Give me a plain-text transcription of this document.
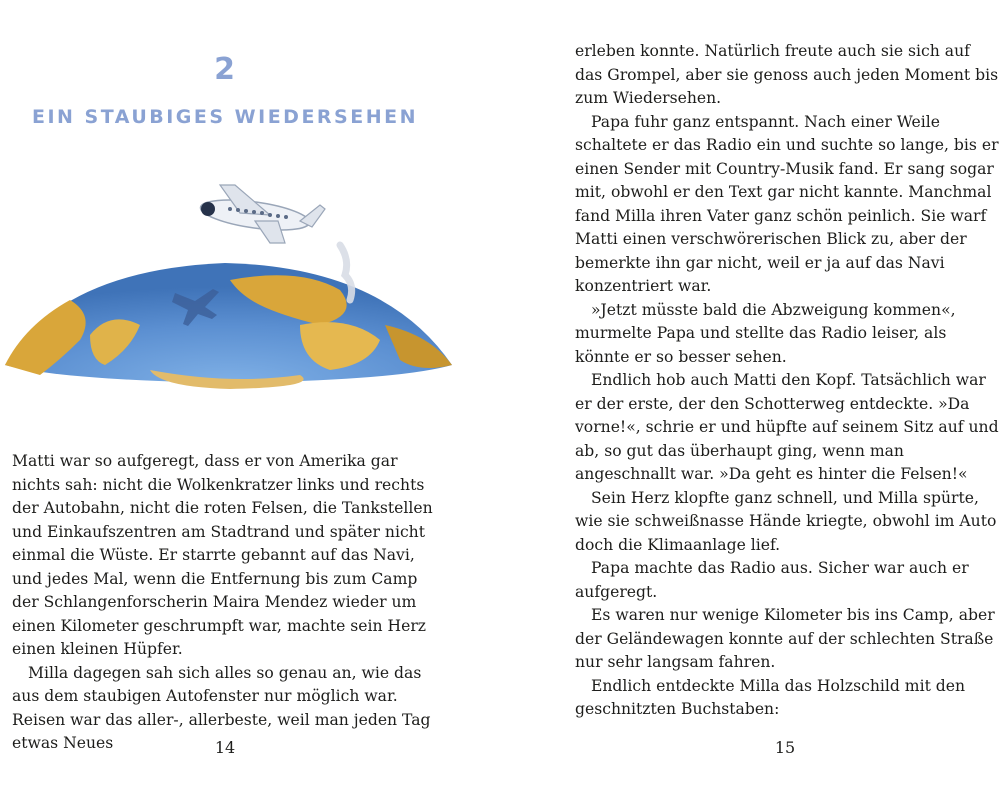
2
EIN STAUBIGES WIEDERSEHEN

Matti war so aufgeregt, dass er von Amerika gar nichts sah: nicht die Wolkenkratzer links und rechts der Autobahn, nicht die roten Felsen, die Tankstellen und Einkaufszentren am Stadtrand und später nicht einmal die Wüste. Er starrte gebannt auf das Navi, und jedes Mal, wenn die Entfernung bis zum Camp der Schlangenforscherin Maira Mendez wieder um einen Kilometer geschrumpft war, machte sein Herz einen kleinen Hüpfer.

Milla dagegen sah sich alles so genau an, wie das aus dem staubigen Autofenster nur möglich war. Reisen war das aller-, allerbeste, weil man jeden Tag etwas Neues	14

erleben konnte. Natürlich freute auch sie sich auf das Grompel, aber sie genoss auch jeden Moment bis zum Wiedersehen.

Papa fuhr ganz entspannt. Nach einer Weile schaltete er das Radio ein und suchte so lange, bis er einen Sender mit Country-Musik fand. Er sang sogar mit, obwohl er den Text gar nicht kannte. Manchmal fand Milla ihren Vater ganz schön peinlich. Sie warf Matti einen verschwörerischen Blick zu, aber der bemerkte ihn gar nicht, weil er ja auf das Navi konzentriert war.

»Jetzt müsste bald die Abzweigung kommen«, murmelte Papa und stellte das Radio leiser, als könnte er so besser sehen.

Endlich hob auch Matti den Kopf. Tatsächlich war er der erste, der den Schotterweg entdeckte. »Da vorne!«, schrie er und hüpfte auf seinem Sitz auf und ab, so gut das überhaupt ging, wenn man angeschnallt war. »Da geht es hinter die Felsen!«

Sein Herz klopfte ganz schnell, und Milla spürte, wie sie schweißnasse Hände kriegte, obwohl im Auto doch die Klimaanlage lief.

Papa machte das Radio aus. Sicher war auch er aufgeregt.

Es waren nur wenige Kilometer bis ins Camp, aber der Geländewagen konnte auf der schlechten Straße nur sehr langsam fahren.

Endlich entdeckte Milla das Holzschild mit den geschnitzten Buchstaben:

15
